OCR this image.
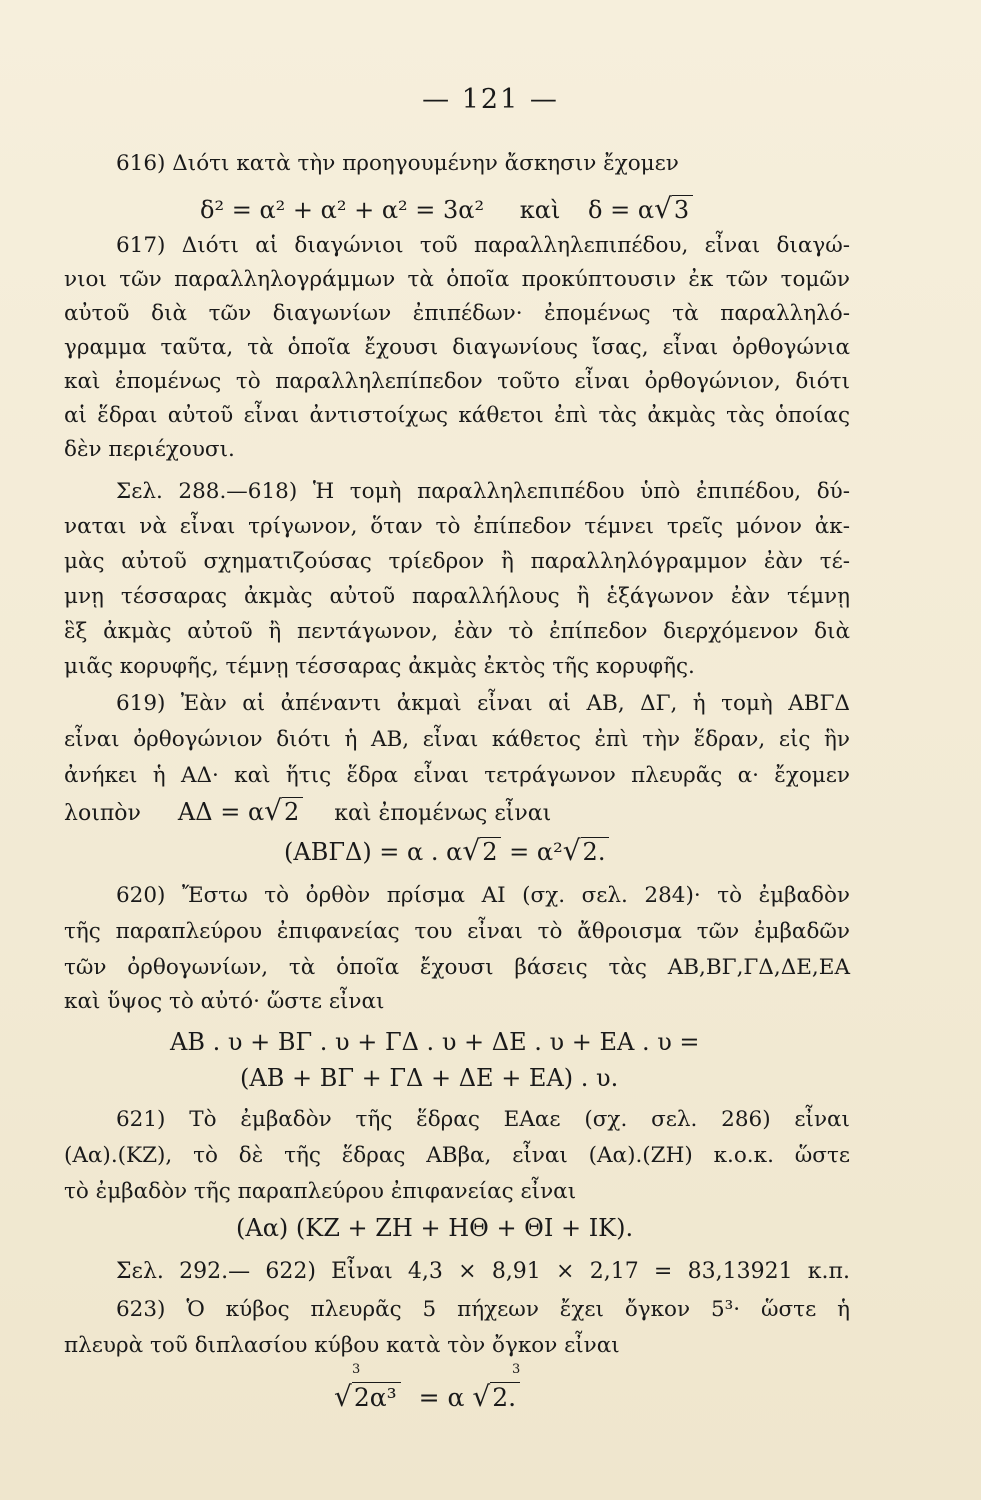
— 121 —
616) Διότι κατὰ τὴν προηγουμένην ἄσκησιν ἔχομεν
δ² = α² + α² + α² = 3α² καὶ δ = α√3
617) Διότι αἱ διαγώνιοι τοῦ παραλληλεπιπέδου, εἶναι διαγώ-
νιοι τῶν παραλληλογράμμων τὰ ὁποῖα προκύπτουσιν ἐκ τῶν τομῶν
αὐτοῦ διὰ τῶν διαγωνίων ἐπιπέδων· ἐπομένως τὰ παραλληλό-
γραμμα ταῦτα, τὰ ὁποῖα ἔχουσι διαγωνίους ἴσας, εἶναι ὀρθογώνια
καὶ ἐπομένως τὸ παραλληλεπίπεδον τοῦτο εἶναι ὀρθογώνιον, διότι
αἱ ἕδραι αὐτοῦ εἶναι ἀντιστοίχως κάθετοι ἐπὶ τὰς ἀκμὰς τὰς ὁποίας
δὲν περιέχουσι.
Σελ. 288.—618) Ἡ τομὴ παραλληλεπιπέδου ὑπὸ ἐπιπέδου, δύ-
ναται νὰ εἶναι τρίγωνον, ὅταν τὸ ἐπίπεδον τέμνει τρεῖς μόνον ἀκ-
μὰς αὐτοῦ σχηματιζούσας τρίεδρον ἢ παραλληλόγραμμον ἐὰν τέ-
μνῃ τέσσαρας ἀκμὰς αὐτοῦ παραλλήλους ἢ ἑξάγωνον ἐὰν τέμνῃ
ἓξ ἀκμὰς αὐτοῦ ἢ πεντάγωνον, ἐὰν τὸ ἐπίπεδον διερχόμενον διὰ
μιᾶς κορυφῆς, τέμνῃ τέσσαρας ἀκμὰς ἐκτὸς τῆς κορυφῆς.
619) Ἐὰν αἱ ἀπέναντι ἀκμαὶ εἶναι αἱ ΑΒ, ΔΓ, ἡ τομὴ ΑΒΓΔ
εἶναι ὀρθογώνιον διότι ἡ ΑΒ, εἶναι κάθετος ἐπὶ τὴν ἕδραν, εἰς ἣν
ἀνήκει ἡ ΑΔ· καὶ ἥτις ἕδρα εἶναι τετράγωνον πλευρᾶς α· ἔχομεν
λοιπὸν ΑΔ = α√2 καὶ ἐπομένως εἶναι
(ΑΒΓΔ) = α . α√2 = α²√2.
620) Ἔστω τὸ ὀρθὸν πρίσμα ΑΙ (σχ. σελ. 284)· τὸ ἐμβαδὸν
τῆς παραπλεύρου ἐπιφανείας του εἶναι τὸ ἄθροισμα τῶν ἐμβαδῶν
τῶν ὀρθογωνίων, τὰ ὁποῖα ἔχουσι βάσεις τὰς ΑΒ,ΒΓ,ΓΔ,ΔΕ,ΕΑ
καὶ ὕψος τὸ αὐτό· ὥστε εἶναι
ΑΒ . υ + ΒΓ . υ + ΓΔ . υ + ΔΕ . υ + ΕΑ . υ =
(ΑΒ + ΒΓ + ΓΔ + ΔΕ + ΕΑ) . υ.
621) Τὸ ἐμβαδὸν τῆς ἕδρας ΕΑαε (σχ. σελ. 286) εἶναι
(Αα).(ΚΖ), τὸ δὲ τῆς ἕδρας ΑΒβα, εἶναι (Αα).(ΖΗ) κ.ο.κ. ὥστε
τὸ ἐμβαδὸν τῆς παραπλεύρου ἐπιφανείας εἶναι
(Αα) (ΚΖ + ΖΗ + ΗΘ + ΘΙ + ΙΚ).
Σελ. 292.— 622) Εἶναι 4,3 × 8,91 × 2,17 = 83,13921 κ.π.
623) Ὁ κύβος πλευρᾶς 5 πήχεων ἔχει ὄγκον 5³· ὥστε ἡ
πλευρὰ τοῦ διπλασίου κύβου κατὰ τὸν ὄγκον εἶναι
3
√2α³ = α
3
√2.
